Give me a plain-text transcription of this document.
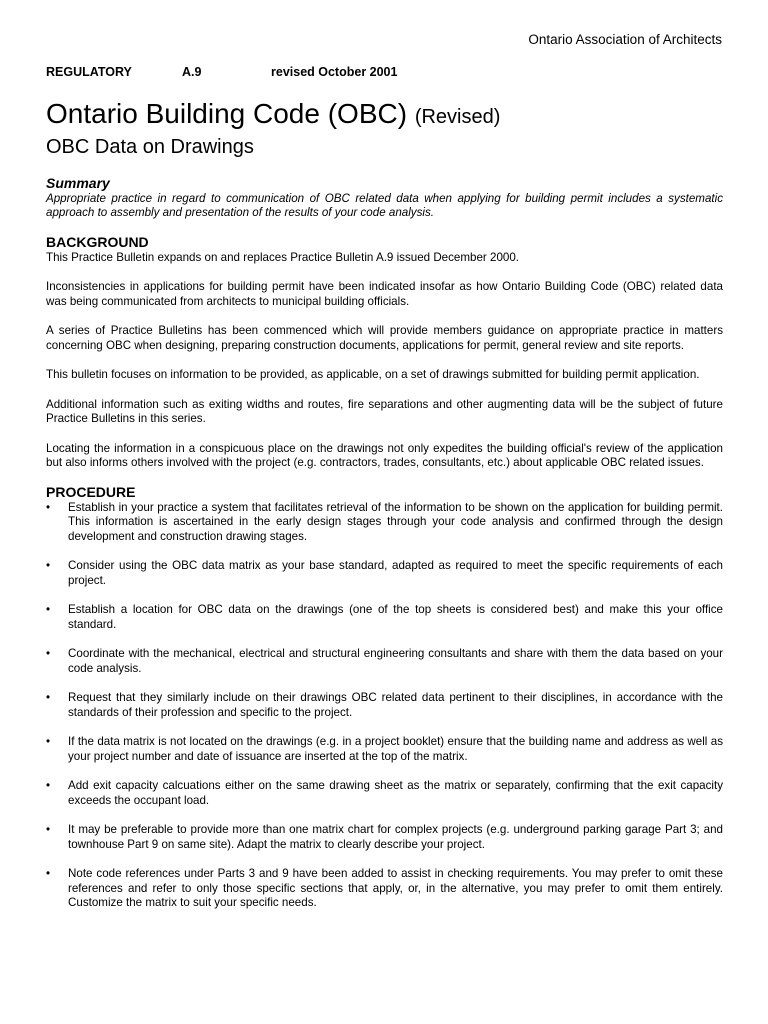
Ontario Association of Architects
REGULATORY	A.9	revised October 2001
Ontario Building Code (OBC) (Revised)
OBC Data on Drawings
Summary

Appropriate practice in regard to communication of OBC related data when applying for building permit includes a systematic approach to assembly and presentation of the results of your code analysis.

BACKGROUND

This Practice Bulletin expands on and replaces Practice Bulletin A.9 issued December 2000.

Inconsistencies in applications for building permit have been indicated insofar as how Ontario Building Code (OBC) related data was being communicated from architects to municipal building officials.

A series of Practice Bulletins has been commenced which will provide members guidance on appropriate practice in matters concerning OBC when designing, preparing construction documents, applications for permit, general review and site reports.

This bulletin focuses on information to be provided, as applicable, on a set of drawings submitted for building permit application.

Additional information such as exiting widths and routes, fire separations and other augmenting data will be the subject of future Practice Bulletins in this series.

Locating the information in a conspicuous place on the drawings not only expedites the building official's review of the application but also informs others involved with the project (e.g. contractors, trades, consultants, etc.) about applicable OBC related issues.

PROCEDURE
• Establish in your practice a system that facilitates retrieval of the information to be shown on the application for building permit. This information is ascertained in the early design stages through your code analysis and confirmed through the design development and construction drawing stages.
• Consider using the OBC data matrix as your base standard, adapted as required to meet the specific requirements of each project.
• Establish a location for OBC data on the drawings (one of the top sheets is considered best) and make this your office standard.
• Coordinate with the mechanical, electrical and structural engineering consultants and share with them the data based on your code analysis.
• Request that they similarly include on their drawings OBC related data pertinent to their disciplines, in accordance with the standards of their profession and specific to the project.
• If the data matrix is not located on the drawings (e.g. in a project booklet) ensure that the building name and address as well as your project number and date of issuance are inserted at the top of the matrix.
• Add exit capacity calcuations either on the same drawing sheet as the matrix or separately, confirming that the exit capacity exceeds the occupant load.
• It may be preferable to provide more than one matrix chart for complex projects (e.g. underground parking garage Part 3; and townhouse Part 9 on same site). Adapt the matrix to clearly describe your project.
• Note code references under Parts 3 and 9 have been added to assist in checking requirements. You may prefer to omit these references and refer to only those specific sections that apply, or, in the alternative, you may prefer to omit them entirely. Customize the matrix to suit your specific needs.
